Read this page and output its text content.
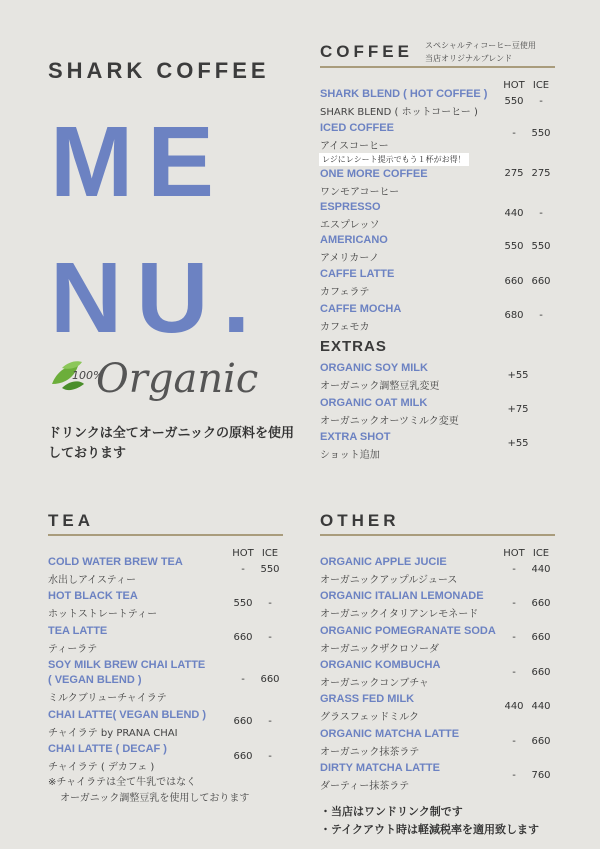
SHARK COFFEE
ME
NU.
100%
Organic
ドリンクは全てオーガニックの原料を使用しております
COFFEE スペシャルティコーヒー豆使用
当店オリジナルブレンド
HOT ICE
SHARK BLEND ( HOT COFFEE )
SHARK BLEND ( ホットコーヒー )
550	-
ICED COFFEE
アイスコーヒー
-	550
レジにレシート提示でもう１杯がお得！
ONE MORE COFFEE
ワンモアコーヒー
275 275
ESPRESSO
エスプレッソ
440	-
AMERICANO
アメリカーノ
550 550
CAFFE LATTE
カフェラテ
660 660
CAFFE MOCHA
カフェモカ
680	-
EXTRAS
ORGANIC SOY MILK
オーガニック調整豆乳変更
+55
ORGANIC OAT MILK
オーガニックオーツミルク変更
+75
EXTRA SHOT
ショット追加
+55
TEA
HOT ICE
COLD WATER BREW TEA
水出しアイスティー
-	550
HOT BLACK TEA
ホットストレートティー
550	-
TEA LATTE
ティーラテ
660	-
SOY MILK BREW CHAI LATTE
( VEGAN BLEND )
ミルクブリューチャイラテ
-	660
CHAI LATTE( VEGAN BLEND )
チャイラテ by PRANA CHAI
660	-
CHAI LATTE ( DECAF )
チャイラテ ( デカフェ )
660	-
※チャイラテは全て牛乳ではなく
オーガニック調整豆乳を使用しております
OTHER
HOT ICE
ORGANIC APPLE JUCIE
オーガニックアップルジュース
-	440
ORGANIC ITALIAN LEMONADE
オーガニックイタリアンレモネード
-	660
ORGANIC POMEGRANATE SODA
オーガニックザクロソーダ
-	660
ORGANIC KOMBUCHA
オーガニックコンブチャ
-	660
GRASS FED MILK
グラスフェッドミルク
440 440
ORGANIC MATCHA LATTE
オーガニック抹茶ラテ
-	660
DIRTY MATCHA LATTE
ダーティー抹茶ラテ
-	760
・当店はワンドリンク制です
・テイクアウト時は軽減税率を適用致します
